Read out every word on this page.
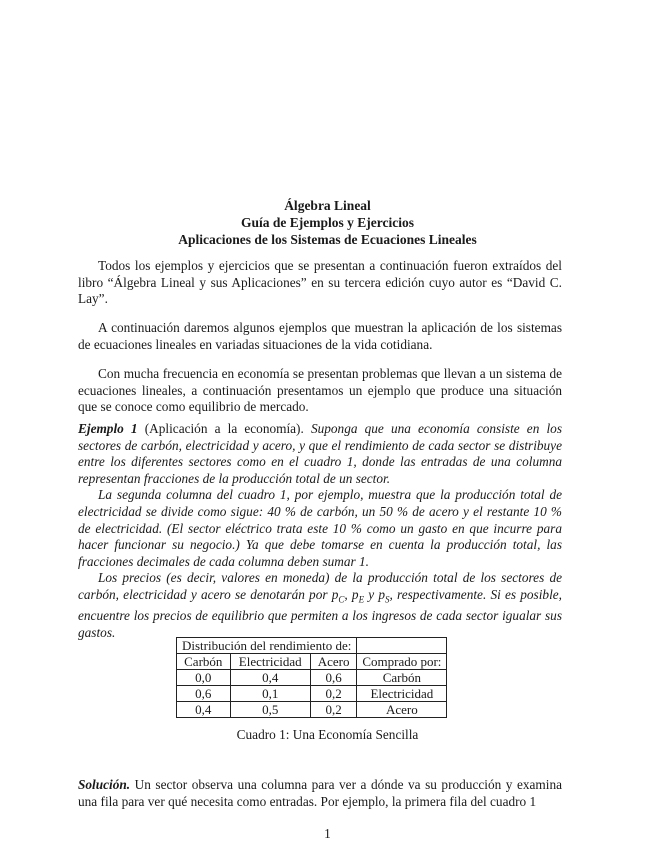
Álgebra Lineal
Guía de Ejemplos y Ejercicios
Aplicaciones de los Sistemas de Ecuaciones Lineales
Todos los ejemplos y ejercicios que se presentan a continuación fueron extraídos del libro “Álgebra Lineal y sus Aplicaciones” en su tercera edición cuyo autor es “David C. Lay”.
A continuación daremos algunos ejemplos que muestran la aplicación de los sistemas de ecuaciones lineales en variadas situaciones de la vida cotidiana.
Con mucha frecuencia en economía se presentan problemas que llevan a un sistema de ecuaciones lineales, a continuación presentamos un ejemplo que produce una situación que se conoce como equilibrio de mercado.

Ejemplo 1 (Aplicación a la economía). Suponga que una economía consiste en los sectores de carbón, electricidad y acero, y que el rendimiento de cada sector se distribuye entre los diferentes sectores como en el cuadro 1, donde las entradas de una columna representan fracciones de la producción total de un sector.

La segunda columna del cuadro 1, por ejemplo, muestra que la producción total de electricidad se divide como sigue: 40 % de carbón, un 50 % de acero y el restante 10 % de electricidad. (El sector eléctrico trata este 10 % como un gasto en que incurre para hacer funcionar su negocio.) Ya que debe tomarse en cuenta la producción total, las fracciones decimales de cada columna deben sumar 1.

Los precios (es decir, valores en moneda) de la producción total de los sectores de carbón, electricidad y acero se denotarán por $p_C$, $p_E$ y $p_S$, respectivamente. Si es posible, encuentre los precios de equilibrio que permiten a los ingresos de cada sector igualar sus gastos.

Distribución del rendimiento de:			
Carbón	Electricidad	Acero	Comprado por:
0,0	0,4	0,6	Carbón
0,6	0,1	0,2	Electricidad
0,4	0,5	0,2	Acero
Cuadro 1: Una Economía Sencilla
Solución. Un sector observa una columna para ver a dónde va su producción y examina una fila para ver qué necesita como entradas. Por ejemplo, la primera fila del cuadro 1
1
